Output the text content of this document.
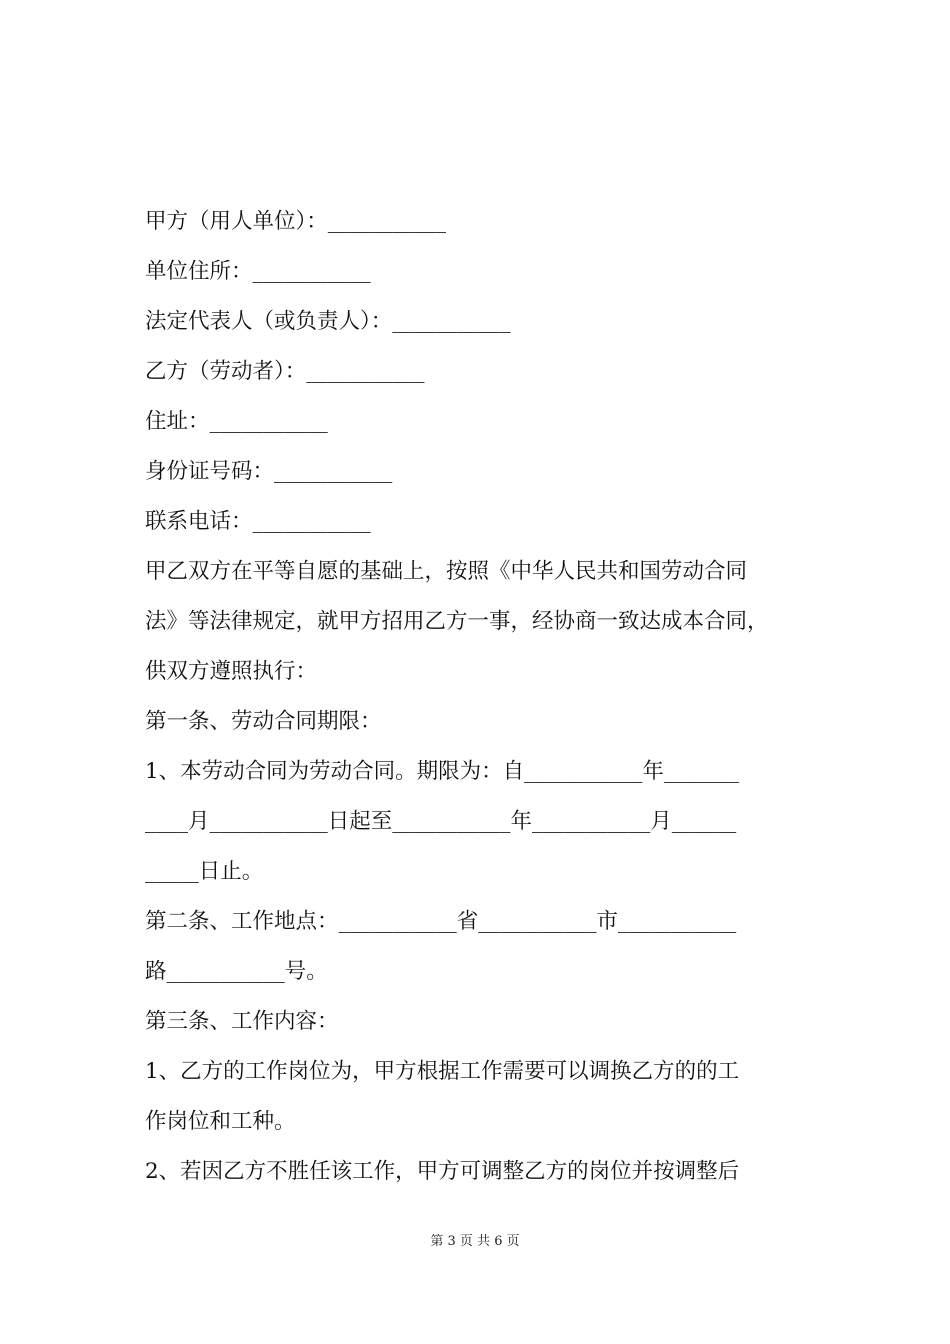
甲方（用人单位）：___________
单位住所：___________
法定代表人（或负责人）：___________
乙方（劳动者）：___________
住址：___________
身份证号码：___________
联系电话：___________
甲乙双方在平等自愿的基础上，按照《中华人民共和国劳动合同
法》等法律规定，就甲方招用乙方一事，经协商一致达成本合同，
供双方遵照执行：
第一条、劳动合同期限：
1、本劳动合同为劳动合同。期限为：自___________年_______
____月___________日起至___________年___________月______
_____日止。
第二条、工作地点：___________省___________市___________
路___________号。
第三条、工作内容：
1、乙方的工作岗位为，甲方根据工作需要可以调换乙方的的工
作岗位和工种。
2、若因乙方不胜任该工作，甲方可调整乙方的岗位并按调整后
第 3 页 共 6 页
